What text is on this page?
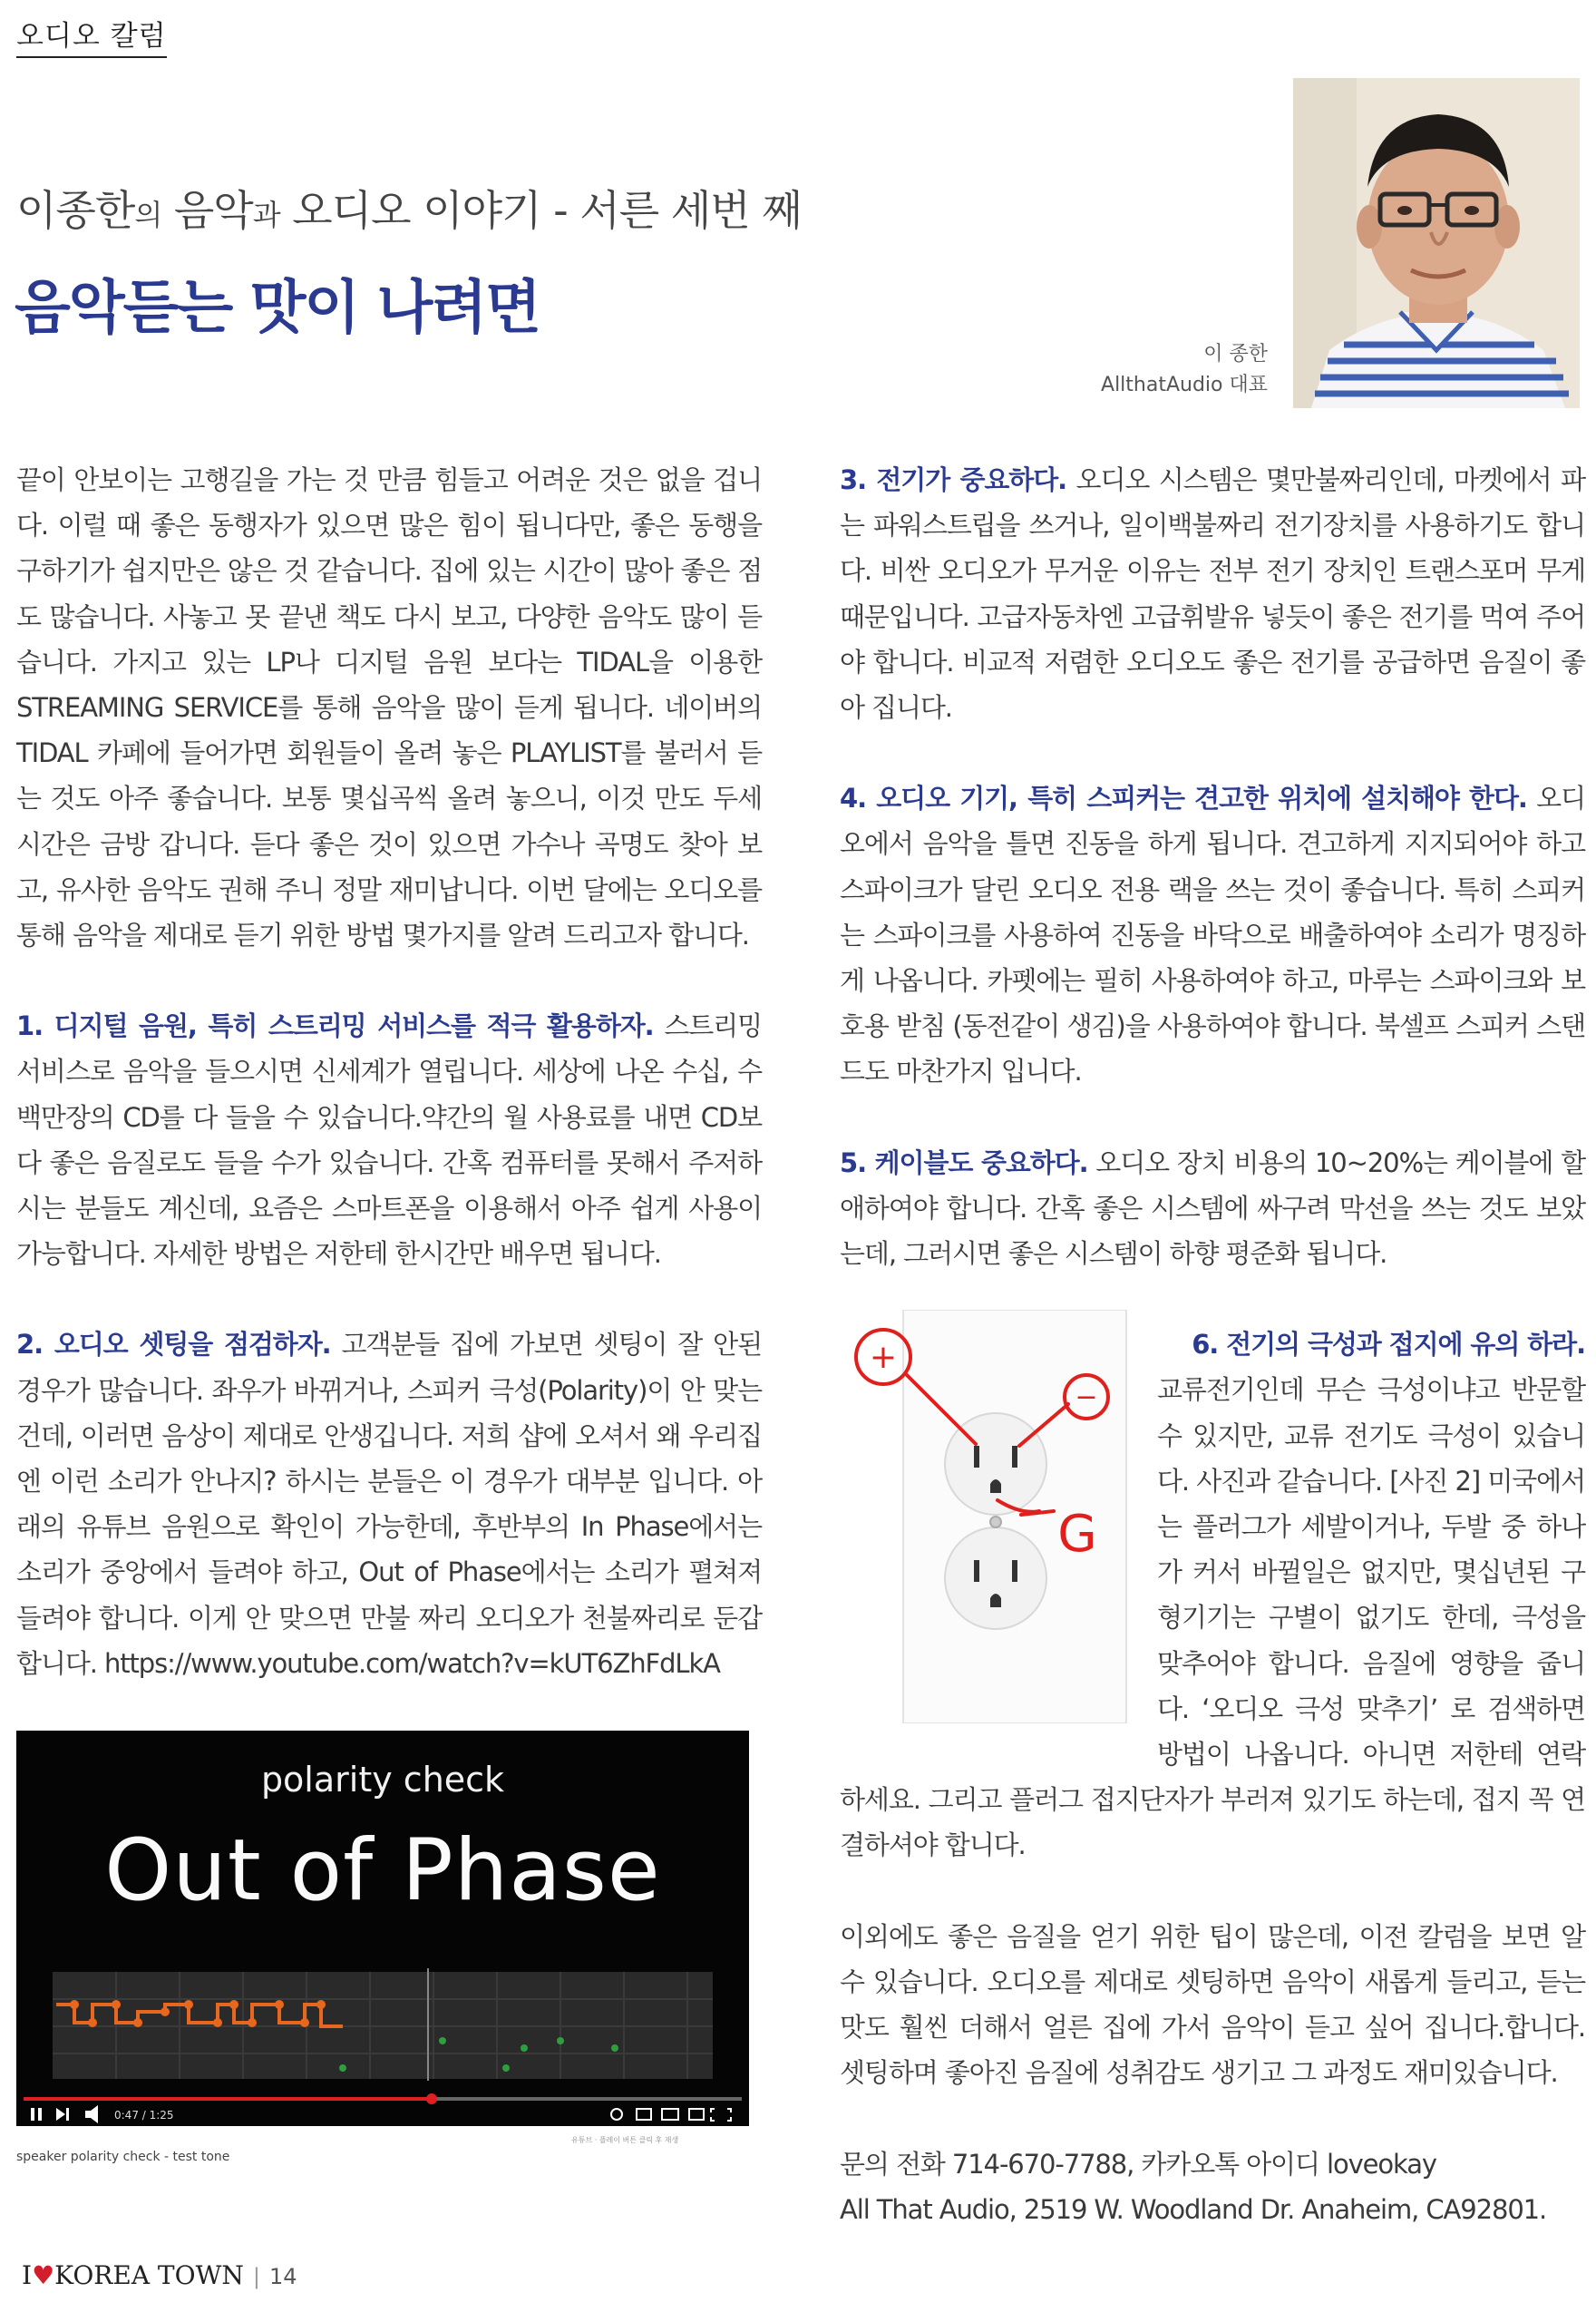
오디오 칼럼
이종한의 음악과 오디오 이야기 - 서른 세번 째
음악듣는 맛이 나려면
이 종한
AllthatAudio 대표

끝이 안보이는 고행길을 가는 것 만큼 힘들고 어려운 것은 없을 겁니다. 이럴 때 좋은 동행자가 있으면 많은 힘이 됩니다만, 좋은 동행을 구하기가 쉽지만은 않은 것 같습니다. 집에 있는 시간이 많아 좋은 점도 많습니다. 사놓고 못 끝낸 책도 다시 보고, 다양한 음악도 많이 듣습니다. 가지고 있는 LP나 디지털 음원 보다는 TIDAL을 이용한 STREAMING SERVICE를 통해 음악을 많이 듣게 됩니다. 네이버의 TIDAL 카페에 들어가면 회원들이 올려 놓은 PLAYLIST를 불러서 듣는 것도 아주 좋습니다. 보통 몇십곡씩 올려 놓으니, 이것 만도 두세 시간은 금방 갑니다. 듣다 좋은 것이 있으면 가수나 곡명도 찾아 보고, 유사한 음악도 권해 주니 정말 재미납니다. 이번 달에는 오디오를 통해 음악을 제대로 듣기 위한 방법 몇가지를 알려 드리고자 합니다.

1. 디지털 음원, 특히 스트리밍 서비스를 적극 활용하자. 스트리밍 서비스로 음악을 들으시면 신세계가 열립니다. 세상에 나온 수십, 수백만장의 CD를 다 들을 수 있습니다.약간의 월 사용료를 내면 CD보다 좋은 음질로도 들을 수가 있습니다. 간혹 컴퓨터를 못해서 주저하시는 분들도 계신데, 요즘은 스마트폰을 이용해서 아주 쉽게 사용이 가능합니다. 자세한 방법은 저한테 한시간만 배우면 됩니다.

2. 오디오 셋팅을 점검하자. 고객분들 집에 가보면 셋팅이 잘 안된 경우가 많습니다. 좌우가 바뀌거나, 스피커 극성(Polarity)이 안 맞는 건데, 이러면 음상이 제대로 안생깁니다. 저희 샵에 오셔서 왜 우리집엔 이런 소리가 안나지? 하시는 분들은 이 경우가 대부분 입니다. 아래의 유튜브 음원으로 확인이 가능한데, 후반부의 In Phase에서는 소리가 중앙에서 들려야 하고, Out of Phase에서는 소리가 펼쳐져 들려야 합니다. 이게 안 맞으면 만불 짜리 오디오가 천불짜리로 둔갑 합니다. https://www.youtube.com/watch?v=kUT6ZhFdLkA

polarity check
Out of Phase
0:47 / 1:25
유튜브 · 플레이 버튼 클릭 후 재생
speaker polarity check - test tone

3. 전기가 중요하다. 오디오 시스템은 몇만불짜리인데, 마켓에서 파는 파워스트립을 쓰거나, 일이백불짜리 전기장치를 사용하기도 합니다. 비싼 오디오가 무거운 이유는 전부 전기 장치인 트랜스포머 무게 때문입니다. 고급자동차엔 고급휘발유 넣듯이 좋은 전기를 먹여 주어야 합니다. 비교적 저렴한 오디오도 좋은 전기를 공급하면 음질이 좋아 집니다.

4. 오디오 기기, 특히 스피커는 견고한 위치에 설치해야 한다. 오디오에서 음악을 틀면 진동을 하게 됩니다. 견고하게 지지되어야 하고 스파이크가 달린 오디오 전용 랙을 쓰는 것이 좋습니다. 특히 스피커는 스파이크를 사용하여 진동을 바닥으로 배출하여야 소리가 명징하게 나옵니다. 카펫에는 필히 사용하여야 하고, 마루는 스파이크와 보호용 받침 (동전같이 생김)을 사용하여야 합니다. 북셀프 스피커 스탠드도 마찬가지 입니다.

5. 케이블도 중요하다. 오디오 장치 비용의 10~20%는 케이블에 할애하여야 합니다. 간혹 좋은 시스템에 싸구려 막선을 쓰는 것도 보았는데, 그러시면 좋은 시스템이 하향 평준화 됩니다.

6. 전기의 극성과 접지에 유의 하라.

교류전기인데 무슨 극성이냐고 반문할 수 있지만, 교류 전기도 극성이 있습니다. 사진과 같습니다. [사진 2] 미국에서는 플러그가 세발이거나, 두발 중 하나가 커서 바뀔일은 없지만, 몇십년된 구형기기는 구별이 없기도 한데, 극성을 맞추어야 합니다. 음질에 영향을 줍니다. ‘오디오 극성 맞추기’ 로 검색하면 방법이 나옵니다. 아니면 저한테 연락 하세요. 그리고 플러그 접지단자가 부러져 있기도 하는데, 접지 꼭 연결하셔야 합니다.

이외에도 좋은 음질을 얻기 위한 팁이 많은데, 이전 칼럼을 보면 알 수 있습니다. 오디오를 제대로 셋팅하면 음악이 새롭게 들리고, 듣는 맛도 훨씬 더해서 얼른 집에 가서 음악이 듣고 싶어 집니다.합니다. 셋팅하며 좋아진 음질에 성취감도 생기고 그 과정도 재미있습니다.

문의 전화 714-670-7788, 카카오톡 아이디 loveokay

All That Audio, 2519 W. Woodland Dr. Anaheim, CA92801.

+
−
G
I♥KOREA TOWN | 14
